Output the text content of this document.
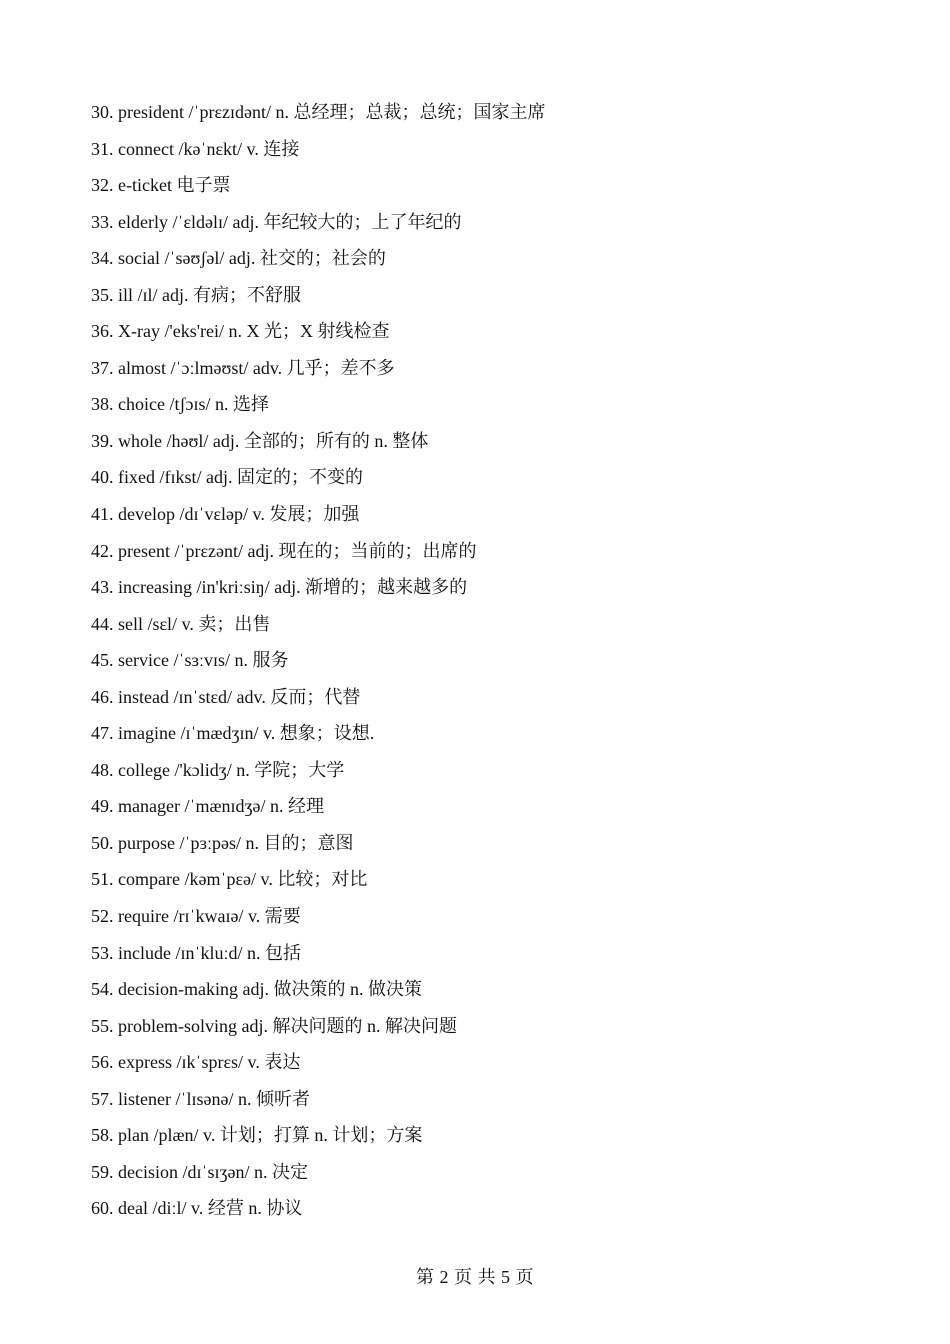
30. president /ˈprɛzɪdənt/ n. 总经理；总裁；总统；国家主席
31. connect /kəˈnɛkt/ v. 连接
32. e-ticket 电子票
33. elderly /ˈɛldəlɪ/ adj. 年纪较大的；上了年纪的
34. social /ˈsəʊʃəl/ adj. 社交的；社会的
35. ill /ɪl/ adj. 有病；不舒服
36. X-ray /'eks'rei/ n. X 光；X 射线检查
37. almost /ˈɔːlməʊst/ adv. 几乎；差不多
38. choice /tʃɔɪs/ n. 选择
39. whole /həʊl/ adj. 全部的；所有的 n. 整体
40. fixed /fɪkst/ adj. 固定的；不变的
41. develop /dɪˈvɛləp/ v. 发展；加强
42. present /ˈprɛzənt/ adj. 现在的；当前的；出席的
43. increasing /in'kriːsiŋ/ adj. 渐增的；越来越多的
44. sell /sɛl/ v. 卖；出售
45. service /ˈsɜːvɪs/ n. 服务
46. instead /ɪnˈstɛd/ adv. 反而；代替
47. imagine /ɪˈmædʒɪn/ v. 想象；设想.
48. college /'kɔlidʒ/ n. 学院；大学
49. manager /ˈmænɪdʒə/ n. 经理
50. purpose /ˈpɜːpəs/ n. 目的；意图
51. compare /kəmˈpɛə/ v. 比较；对比
52. require /rɪˈkwaɪə/ v. 需要
53. include /ɪnˈkluːd/ n. 包括
54. decision-making adj. 做决策的 n. 做决策
55. problem-solving adj. 解决问题的 n. 解决问题
56. express /ɪkˈsprɛs/ v. 表达
57. listener /ˈlɪsənə/ n. 倾听者
58. plan /plæn/ v. 计划；打算 n. 计划；方案
59. decision /dɪˈsɪʒən/ n. 决定
60. deal /diːl/ v. 经营 n. 协议
第 2 页 共 5 页
